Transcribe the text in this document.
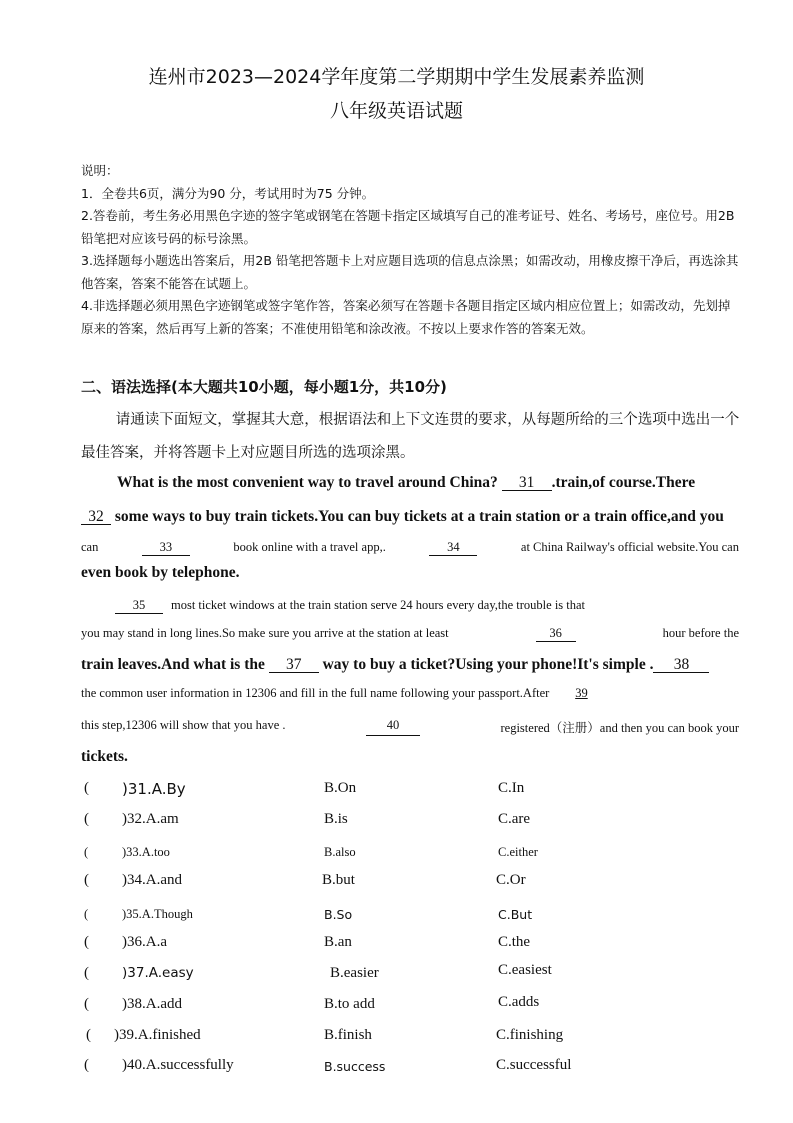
连州市2023—2024学年度第二学期期中学生发展素养监测
八年级英语试题

说明：

1．全卷共6页，满分为90 分，考试用时为75 分钟。

2.答卷前，考生务必用黑色字迹的签字笔或钢笔在答题卡指定区域填写自己的准考证号、姓名、考场号，座位号。用2B 铅笔把对应该号码的标号涂黑。

3.选择题每小题选出答案后，用2B 铅笔把答题卡上对应题目选项的信息点涂黑；如需改动，用橡皮擦干净后，再选涂其他答案，答案不能答在试题上。

4.非选择题必须用黑色字迹钢笔或签字笔作答，答案必须写在答题卡各题目指定区域内相应位置上；如需改动，先划掉原来的答案，然后再写上新的答案；不准使用铅笔和涂改液。不按以上要求作答的答案无效。

二、语法选择(本大题共10小题，每小题1分，共10分)
请通读下面短文，掌握其大意，根据语法和上下文连贯的要求，从每题所给的三个选项中选出一个最佳答案，并将答题卡上对应题目所选的选项涂黑。
What is the most convenient way to travel around China? 31 .train,of course.There
32 some ways to buy train tickets.You can buy tickets at a train station or a train office,and you
can	33	book online with a travel app,.	34	at China Railway's official website.You can
even book by telephone.
35	most ticket windows at the train station serve 24 hours every day,the trouble is that
you may stand in long lines.So make sure you arrive at the station at least	36	hour before the
train leaves.And what is the 37 way to buy a ticket?Using your phone!It's simple . 38
the common user information in 12306 and fill in the full name following your passport.After 39
this step,12306 will show that you have .	40	registered（注册）and then you can book your
tickets.
( )31.A.By	B.On	C.In
( )32.A.am	B.is	C.are
(	)33.A.too	B.also	C.either
( )34.A.and	B.but	C.Or
(	)35.A.Though	B.So	C.But
( )36.A.a	B.an	C.the
( )37.A.easy	B.easier	C.easiest
( )38.A.add	B.to add	C.adds
( )39.A.finished	B.finish	C.finishing
( )40.A.successfully	B.success	C.successful
